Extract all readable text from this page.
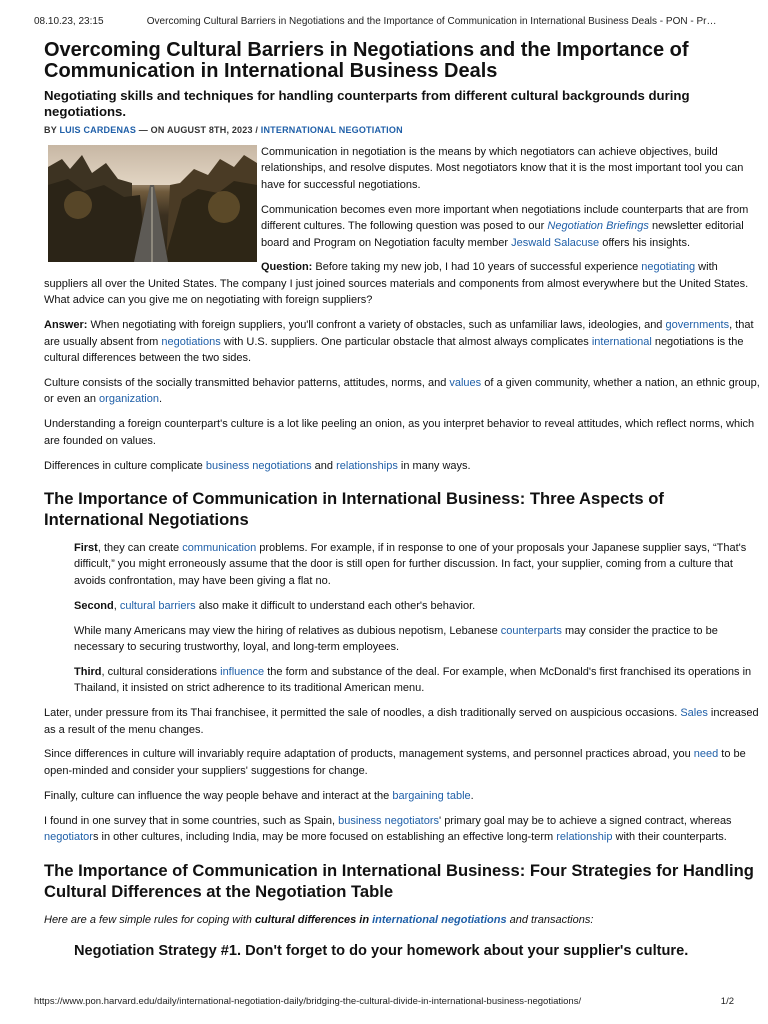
08.10.23, 23:15	Overcoming Cultural Barriers in Negotiations and the Importance of Communication in International Business Deals - PON - Pr…
Overcoming Cultural Barriers in Negotiations and the Importance of Communication in International Business Deals
Negotiating skills and techniques for handling counterparts from different cultural backgrounds during negotiations.
BY LUIS CARDENAS — ON AUGUST 8TH, 2023 / INTERNATIONAL NEGOTIATION

Communication in negotiation is the means by which negotiators can achieve objectives, build relationships, and resolve disputes. Most negotiators know that it is the most important tool you can have for successful negotiations.

Communication becomes even more important when negotiations include counterparts that are from different cultures. The following question was posed to our Negotiation Briefings newsletter editorial board and Program on Negotiation faculty member Jeswald Salacuse offers his insights.

Question: Before taking my new job, I had 10 years of successful experience negotiating with suppliers all over the United States. The company I just joined sources materials and components from almost everywhere but the United States. What advice can you give me on negotiating with foreign suppliers?

Answer: When negotiating with foreign suppliers, you'll confront a variety of obstacles, such as unfamiliar laws, ideologies, and governments, that are usually absent from negotiations with U.S. suppliers. One particular obstacle that almost always complicates international negotiations is the cultural differences between the two sides.

Culture consists of the socially transmitted behavior patterns, attitudes, norms, and values of a given community, whether a nation, an ethnic group, or even an organization.

Understanding a foreign counterpart's culture is a lot like peeling an onion, as you interpret behavior to reveal attitudes, which reflect norms, which are founded on values.

Differences in culture complicate business negotiations and relationships in many ways.

The Importance of Communication in International Business: Three Aspects of International Negotiations

First, they can create communication problems. For example, if in response to one of your proposals your Japanese supplier says, “That's difficult,” you might erroneously assume that the door is still open for further discussion. In fact, your supplier, coming from a culture that avoids confrontation, may have been giving a flat no.

Second, cultural barriers also make it difficult to understand each other's behavior.

While many Americans may view the hiring of relatives as dubious nepotism, Lebanese counterparts may consider the practice to be necessary to securing trustworthy, loyal, and long-term employees.

Third, cultural considerations influence the form and substance of the deal. For example, when McDonald's first franchised its operations in Thailand, it insisted on strict adherence to its traditional American menu.

Later, under pressure from its Thai franchisee, it permitted the sale of noodles, a dish traditionally served on auspicious occasions. Sales increased as a result of the menu changes.

Since differences in culture will invariably require adaptation of products, management systems, and personnel practices abroad, you need to be open-minded and consider your suppliers' suggestions for change.

Finally, culture can influence the way people behave and interact at the bargaining table.

I found in one survey that in some countries, such as Spain, business negotiators' primary goal may be to achieve a signed contract, whereas negotiators in other cultures, including India, may be more focused on establishing an effective long-term relationship with their counterparts.

The Importance of Communication in International Business: Four Strategies for Handling Cultural Differences at the Negotiation Table

Here are a few simple rules for coping with cultural differences in international negotiations and transactions:

Negotiation Strategy #1. Don't forget to do your homework about your supplier's culture.
https://www.pon.harvard.edu/daily/international-negotiation-daily/bridging-the-cultural-divide-in-international-business-negotiations/	1/2
